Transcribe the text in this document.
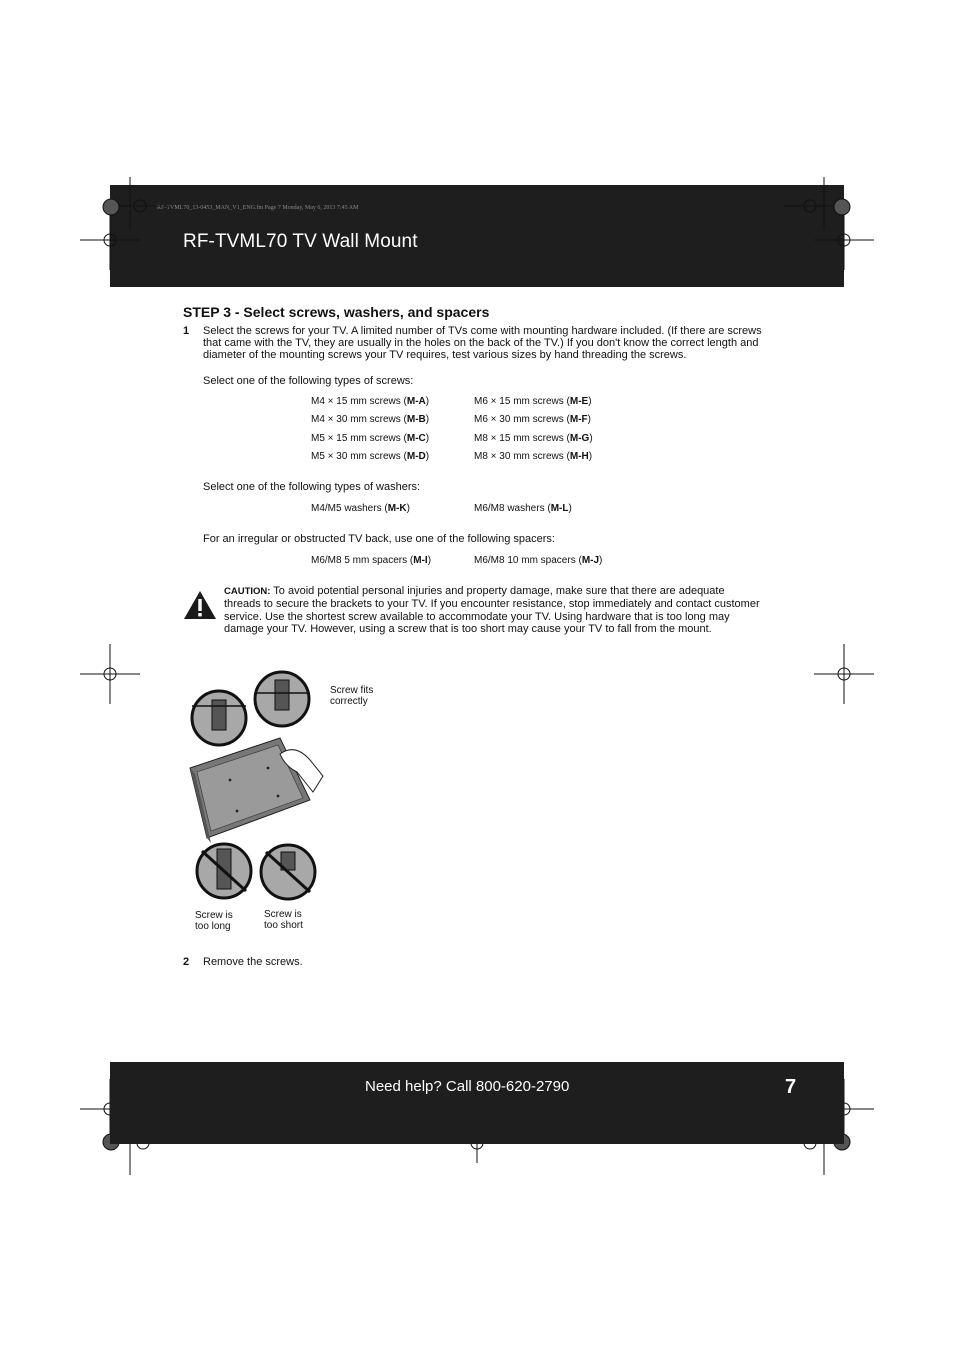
RF-TVML70_13-0453_MAN_V1_ENG.fm Page 7 Monday, May 6, 2013 7:45 AM
RF-TVML70 TV Wall Mount
STEP 3 - Select screws, washers, and spacers
1 Select the screws for your TV. A limited number of TVs come with mounting hardware included. (If there are screws that came with the TV, they are usually in the holes on the back of the TV.) If you don't know the correct length and diameter of the mounting screws your TV requires, test various sizes by hand threading the screws.
Select one of the following types of screws:
M4 × 15 mm screws (M-A)	M6 × 15 mm screws (M-E)
M4 × 30 mm screws (M-B)	M6 × 30 mm screws (M-F)
M5 × 15 mm screws (M-C)	M8 × 15 mm screws (M-G)
M5 × 30 mm screws (M-D)	M8 × 30 mm screws (M-H)
Select one of the following types of washers:
M4/M5 washers (M-K)	M6/M8 washers (M-L)
For an irregular or obstructed TV back, use one of the following spacers:
M6/M8 5 mm spacers (M-I)	M6/M8 10 mm spacers (M-J)
CAUTION: To avoid potential personal injuries and property damage, make sure that there are adequate threads to secure the brackets to your TV. If you encounter resistance, stop immediately and contact customer service. Use the shortest screw available to accommodate your TV. Using hardware that is too long may damage your TV. However, using a screw that is too short may cause your TV to fall from the mount.
Screw fits
correctly
Screw is
too long
Screw is
too short
2 Remove the screws.
Need help? Call 800-620-2790	7
